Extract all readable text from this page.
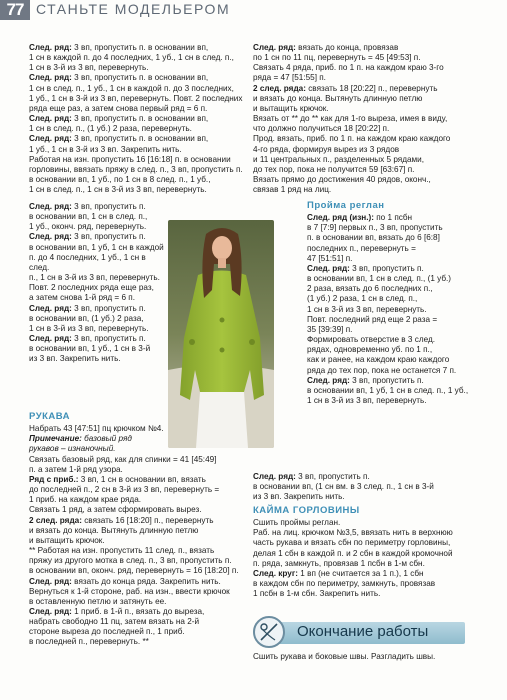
77 СТАНЬТЕ МОДЕЛЬЕРОМ

След. ряд: 3 вп, пропустить п. в основании вп,

1 сн в каждой п. до 4 последних, 1 уб., 1 сн в след. п.,

1 сн в 3-й из 3 вп, перевернуть.

След. ряд: 3 вп, пропустить п. в основании вп,

1 сн в след. п., 1 уб., 1 сн в каждой п. до 3 последних,

1 уб., 1 сн в 3-й из 3 вп, перевернуть. Повт. 2 последних

ряда еще раз, а затем снова первый ряд = 6 п.

След. ряд: 3 вп, пропустить п. в основании вп,

1 сн в след. п., (1 уб.) 2 раза, перевернуть.

След. ряд: 3 вп, пропустить п. в основании вп,

1 уб., 1 сн в 3-й из 3 вп. Закрепить нить.

Работая на изн. пропустить 16 [16:18] п. в основании

горловины, ввязать пряжу в след. п., 3 вп, пропустить п.

в основании вп, 1 уб., по 1 сн в 8 след. п., 1 уб.,

1 сн в след. п., 1 сн в 3-й из 3 вп, перевернуть.

След. ряд: 3 вп, пропустить п.

в основании вп, 1 сн в след. п.,

1 уб., оконч. ряд, перевернуть.

След. ряд: 3 вп, пропустить п.

в основании вп, 1 уб, 1 сн в каждой

п. до 4 последних, 1 уб., 1 сн в след.

п., 1 сн в 3-й из 3 вп, перевернуть.

Повт. 2 последних ряда еще раз,

а затем снова 1-й ряд = 6 п.

След. ряд: 3 вп, пропустить п.

в основании вп, (1 уб.) 2 раза,

1 сн в 3-й из 3 вп, перевернуть.

След. ряд: 3 вп, пропустить п.

в основании вп, 1 уб., 1 сн в 3-й

из 3 вп. Закрепить нить.

РУКАВА

Набрать 43 [47:51] пц крючком №4.

Примечание: базовый ряд

рукавов – изнаночный.

Связать базовый ряд, как для спинки = 41 [45:49]

п. а затем 1-й ряд узора.

Ряд с приб.: 3 вп, 1 сн в основании вп, вязать

до последней п., 2 сн в 3-й из 3 вп, перевернуть =

1 приб. на каждом крае ряда.

Связать 1 ряд, а затем сформировать вырез.

2 след. ряда: связать 16 [18:20] п., перевернуть

и вязать до конца. Вытянуть длинную петлю

и вытащить крючок.

** Работая на изн. пропустить 11 след. п., вязать

пряжу из другого мотка в след. п., 3 вп, пропустить п.

в основании вп, оконч. ряд, перевернуть = 16 [18:20] п.

След. ряд: вязать до конца ряда. Закрепить нить.

Вернуться к 1-й стороне, раб. на изн., ввести крючок

в оставленную петлю и затянуть ее.

След. ряд: 1 приб. в 1-й п., вязать до выреза,

набрать свободно 11 пц, затем вязать на 2-й

стороне выреза до последней п., 1 приб.

в последней п., перевернуть. **

След. ряд: вязать до конца, провязав

по 1 сн по 11 пц, перевернуть = 45 [49:53] п.

Связать 4 ряда, приб. по 1 п. на каждом краю 3-го

ряда = 47 [51:55] п.

2 след. ряда: связать 18 [20:22] п., перевернуть

и вязать до конца. Вытянуть длинную петлю

и вытащить крючок.

Вязать от ** до ** как для 1-го выреза, имея в виду,

что должно получиться 18 [20:22] п.

Прод. вязать, приб. по 1 п. на каждом краю каждого

4-го ряда, формируя вырез из 3 рядов

и 11 центральных п., разделенных 5 рядами,

до тех пор, пока не получится 59 [63:67] п.

Вязать прямо до достижения 40 рядов, оконч.,

связав 1 ряд на лиц.

Пройма реглан

След. ряд (изн.): по 1 псбн

в 7 [7:9] первых п., 3 вп, пропустить

п. в основании вп, вязать до 6 [6:8]

последних п., перевернуть =

47 [51:51] п.

След. ряд: 3 вп, пропустить п.

в основании вп, 1 сн в след. п., (1 уб.)

2 раза, вязать до 6 последних п.,

(1 уб.) 2 раза, 1 сн в след. п.,

1 сн в 3-й из 3 вп, перевернуть.

Повт. последний ряд еще 2 раза =

35 [39:39] п.

Формировать отверстие в 3 след.

рядах, одновременно уб. по 1 п.,

как и ранее, на каждом краю каждого

ряда до тех пор, пока не останется 7 п.

След. ряд: 3 вп, пропустить п.

в основании вп, 1 уб, 1 сн в след. п., 1 уб.,

1 сн в 3-й из 3 вп, перевернуть.

След. ряд: 3 вп, пропустить п.

в основании вп, (1 сн вм. в 3 след. п., 1 сн в 3-й

из 3 вп. Закрепить нить.

КАЙМА ГОРЛОВИНЫ

Сшить проймы реглан.

Раб. на лиц. крючком №3,5, ввязать нить в верхнюю

часть рукава и вязать сбн по периметру горловины,

делая 1 сбн в каждой п. и 2 сбн в каждой кромочной

п. ряда, замкнуть, провязав 1 псбн в 1-м сбн.

След. круг: 1 вп (не считается за 1 п.), 1 сбн

в каждом сбн по периметру, замкнуть, провязав

1 псбн в 1-м сбн. Закрепить нить.

Окончание работы
Сшить рукава и боковые швы. Разгладить швы.
